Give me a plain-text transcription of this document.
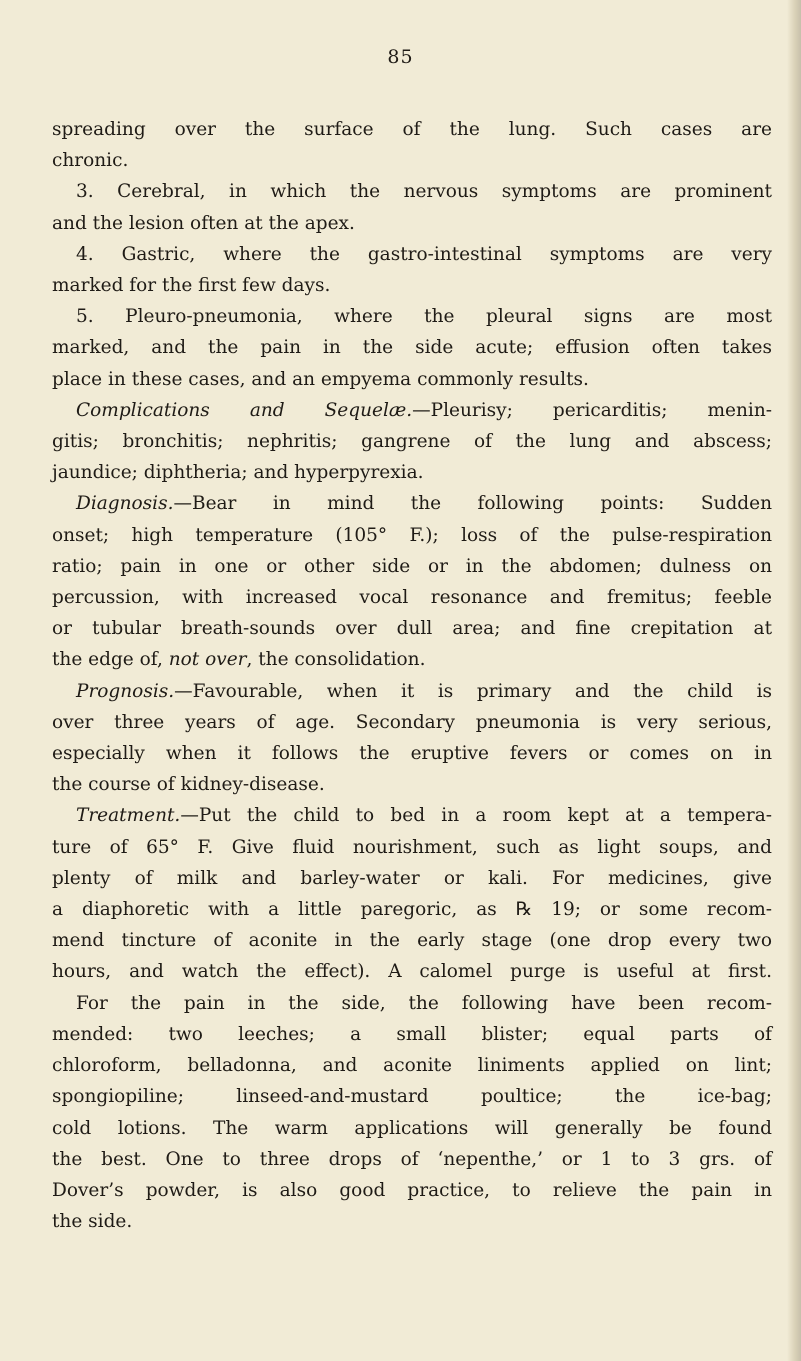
85
spreading over the surface of the lung. Such cases are
chronic.
3. Cerebral, in which the nervous symptoms are prominent
and the lesion often at the apex.
4. Gastric, where the gastro-intestinal symptoms are very
marked for the first few days.
5. Pleuro-pneumonia, where the pleural signs are most
marked, and the pain in the side acute; effusion often takes
place in these cases, and an empyema commonly results.
Complications and Sequelæ.—Pleurisy; pericarditis; menin-
gitis; bronchitis; nephritis; gangrene of the lung and abscess;
jaundice; diphtheria; and hyperpyrexia.
Diagnosis.—Bear in mind the following points: Sudden
onset; high temperature (105° F.); loss of the pulse-respiration
ratio; pain in one or other side or in the abdomen; dulness on
percussion, with increased vocal resonance and fremitus; feeble
or tubular breath-sounds over dull area; and fine crepitation at
the edge of, not over, the consolidation.
Prognosis.—Favourable, when it is primary and the child is
over three years of age. Secondary pneumonia is very serious,
especially when it follows the eruptive fevers or comes on in
the course of kidney-disease.
Treatment.—Put the child to bed in a room kept at a tempera-
ture of 65° F. Give fluid nourishment, such as light soups, and
plenty of milk and barley-water or kali. For medicines, give
a diaphoretic with a little paregoric, as ℞ 19; or some recom-
mend tincture of aconite in the early stage (one drop every two
hours, and watch the effect). A calomel purge is useful at first.
For the pain in the side, the following have been recom-
mended: two leeches; a small blister; equal parts of
chloroform, belladonna, and aconite liniments applied on lint;
spongiopiline; linseed-and-mustard poultice; the ice-bag;
cold lotions. The warm applications will generally be found
the best. One to three drops of ‘nepenthe,’ or 1 to 3 grs. of
Dover’s powder, is also good practice, to relieve the pain in
the side.
